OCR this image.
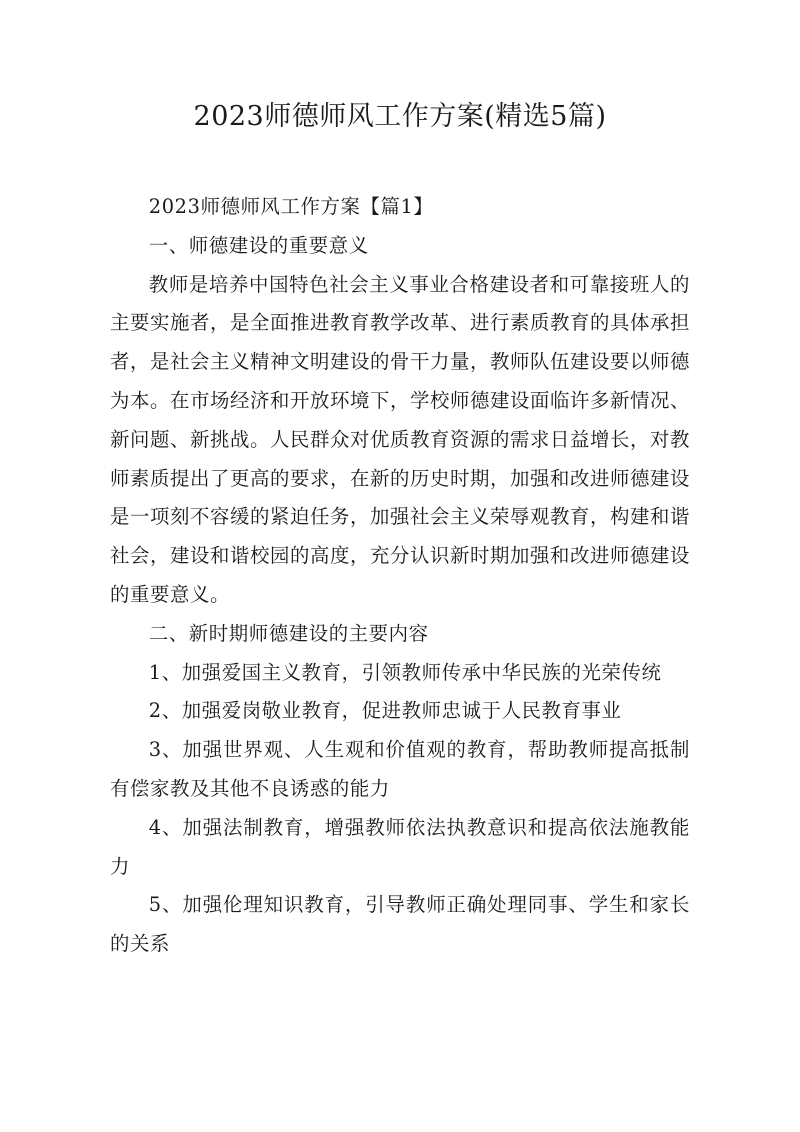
2023师德师风工作方案(精选5篇)

2023师德师风工作方案【篇1】

一、师德建设的重要意义

教师是培养中国特色社会主义事业合格建设者和可靠接班人的主要实施者，是全面推进教育教学改革、进行素质教育的具体承担者，是社会主义精神文明建设的骨干力量，教师队伍建设要以师德为本。在市场经济和开放环境下，学校师德建设面临许多新情况、新问题、新挑战。人民群众对优质教育资源的需求日益增长，对教师素质提出了更高的要求，在新的历史时期，加强和改进师德建设是一项刻不容缓的紧迫任务，加强社会主义荣辱观教育，构建和谐社会，建设和谐校园的高度，充分认识新时期加强和改进师德建设的重要意义。

二、新时期师德建设的主要内容

1、加强爱国主义教育，引领教师传承中华民族的光荣传统

2、加强爱岗敬业教育，促进教师忠诚于人民教育事业

3、加强世界观、人生观和价值观的教育，帮助教师提高抵制有偿家教及其他不良诱惑的能力

4、加强法制教育，增强教师依法执教意识和提高依法施教能力

5、加强伦理知识教育，引导教师正确处理同事、学生和家长的关系
